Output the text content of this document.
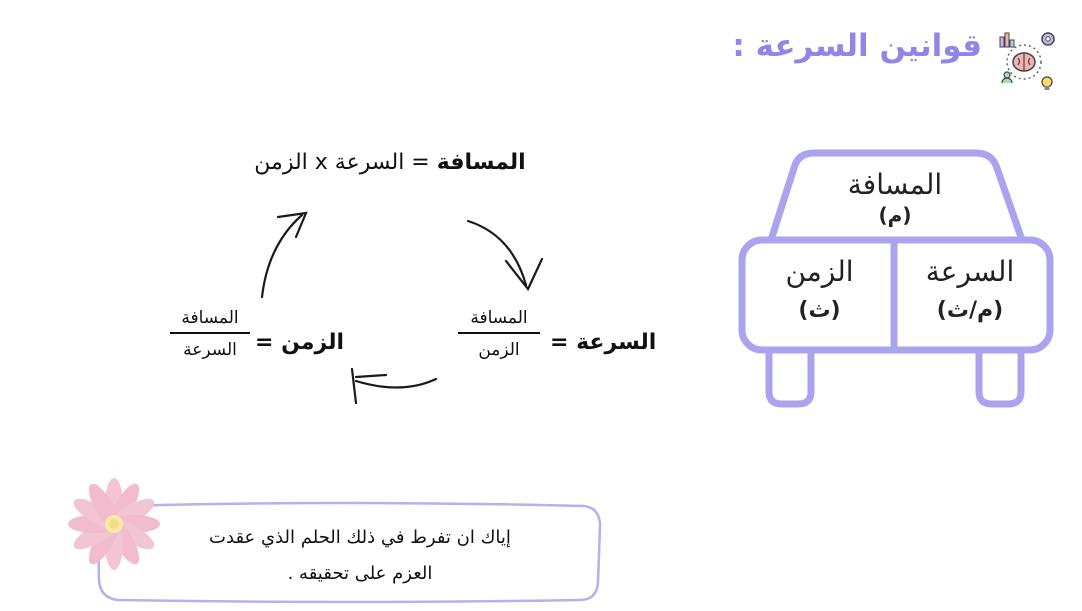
قوانين السرعة :
المسافة
(م)
الزمن
(ث)
السرعة
(م/ث)
المسافة = السرعة x الزمن
السرعة =
المسافة
الزمن
الزمن =
المسافة
السرعة
إياك ان تفرط في ذلك الحلم الذي عقدت
العزم على تحقيقه .
